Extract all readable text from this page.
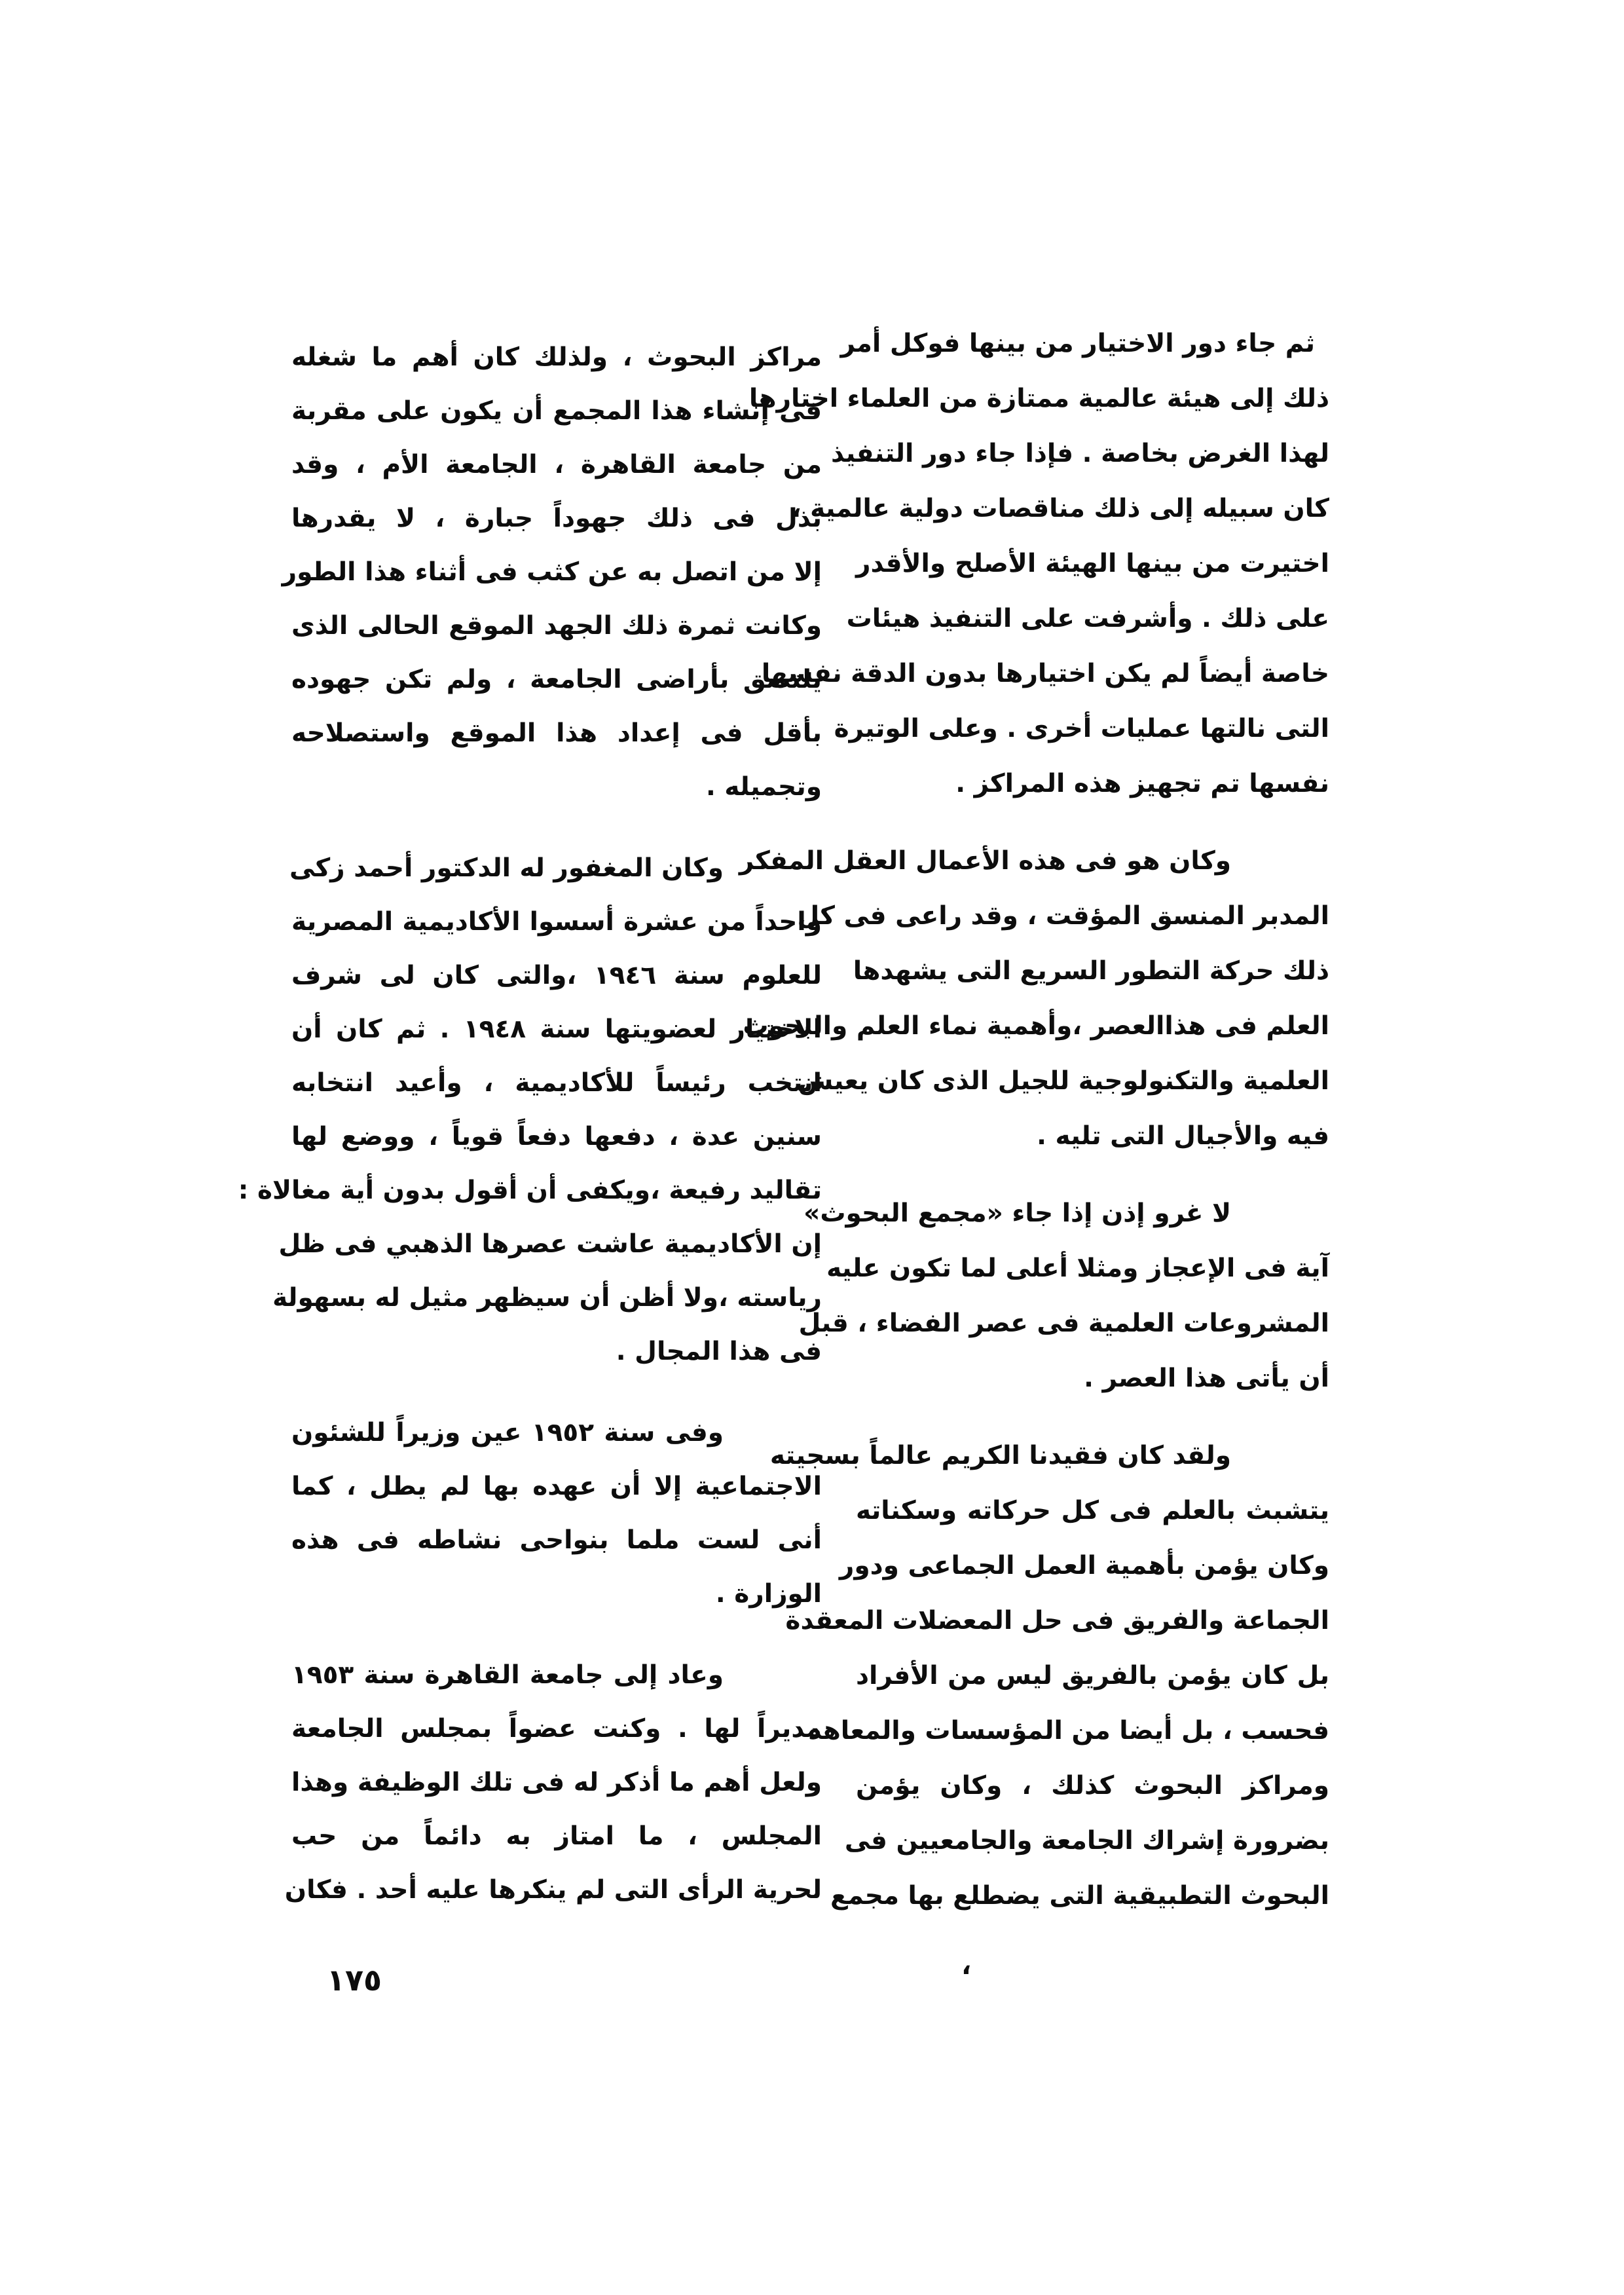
ثم جاء دور الاختيار من بينها فوكل أمر
ذلك إلى هيئة عالمية ممتازة من العلماء اختارها
لهذا الغرض بخاصة . فإذا جاء دور التنفيذ
كان سبيله إلى ذلك مناقصات دولية عالمية ،
اختيرت من بينها الهيئة الأصلح والأقدر
على ذلك . وأشرفت على التنفيذ هيئات
خاصة أيضاً لم يكن اختيارها بدون الدقة نفسها
التى نالتها عمليات أخرى . وعلى الوتيرة
نفسها تم تجهيز هذه المراكز .
وكان هو فى هذه الأعمال العقل المفكر
المدبر المنسق المؤقت ، وقد راعى فى كل
ذلك حركة التطور السريع التى يشهدها
العلم فى هذاالعصر ،وأهمية نماء العلم والبحوث
العلمية والتكنولوجية للجيل الذى كان يعيش
فيه والأجيال التى تليه .
لا غرو إذن إذا جاء «مجمع البحوث»
آية فى الإعجاز ومثلا أعلى لما تكون عليه
المشروعات العلمية فى عصر الفضاء ، قبل
أن يأتى هذا العصر .
ولقد كان فقيدنا الكريم عالماً بسجيته
يتشبث بالعلم فى كل حركاته وسكناته
وكان يؤمن بأهمية العمل الجماعى ودور
الجماعة والفريق فى حل المعضلات المعقدة
بل كان يؤمن بالفريق ليس من الأفراد
فحسب ، بل أيضا من المؤسسات والمعاهد
ومراكز البحوث كذلك ، وكان يؤمن
بضرورة إشراك الجامعة والجامعيين فى
البحوث التطبيقية التى يضطلع بها مجمع
مراكز البحوث ، ولذلك كان أهم ما شغله
فى إنشاء هذا المجمع أن يكون على مقربة
من جامعة القاهرة ، الجامعة الأم ، وقد
بذل فى ذلك جهوداً جبارة ، لا يقدرها
إلا من اتصل به عن كثب فى أثناء هذا الطور
وكانت ثمرة ذلك الجهد الموقع الحالى الذى
يلتصق بأراضى الجامعة ، ولم تكن جهوده
بأقل فى إعداد هذا الموقع واستصلاحه
وتجميله .
وكان المغفور له الدكتور أحمد زكى
واحداً من عشرة أسسوا الأكاديمية المصرية
للعلوم سنة ١٩٤٦ ،والتى كان لى شرف
الاختيار لعضويتها سنة ١٩٤٨ . ثم كان أن
انتخب رئيساً للأكاديمية ، وأعيد انتخابه
سنين عدة ، دفعها دفعاً قوياً ، ووضع لها
تقاليد رفيعة ،ويكفى أن أقول بدون أية مغالاة :
إن الأكاديمية عاشت عصرها الذهبي فى ظل
رياسته ،ولا أظن أن سيظهر مثيل له بسهولة
فى هذا المجال .
وفى سنة ١٩٥٢ عين وزيراً للشئون
الاجتماعية إلا أن عهده بها لم يطل ، كما
أنى لست ملما بنواحى نشاطه فى هذه
الوزارة .
وعاد إلى جامعة القاهرة سنة ١٩٥٣
مديراً لها . وكنت عضواً بمجلس الجامعة
ولعل أهم ما أذكر له فى تلك الوظيفة وهذا
المجلس ، ما امتاز به دائماً من حب
لحرية الرأى التى لم ينكرها عليه أحد . فكان
،
١٧٥
